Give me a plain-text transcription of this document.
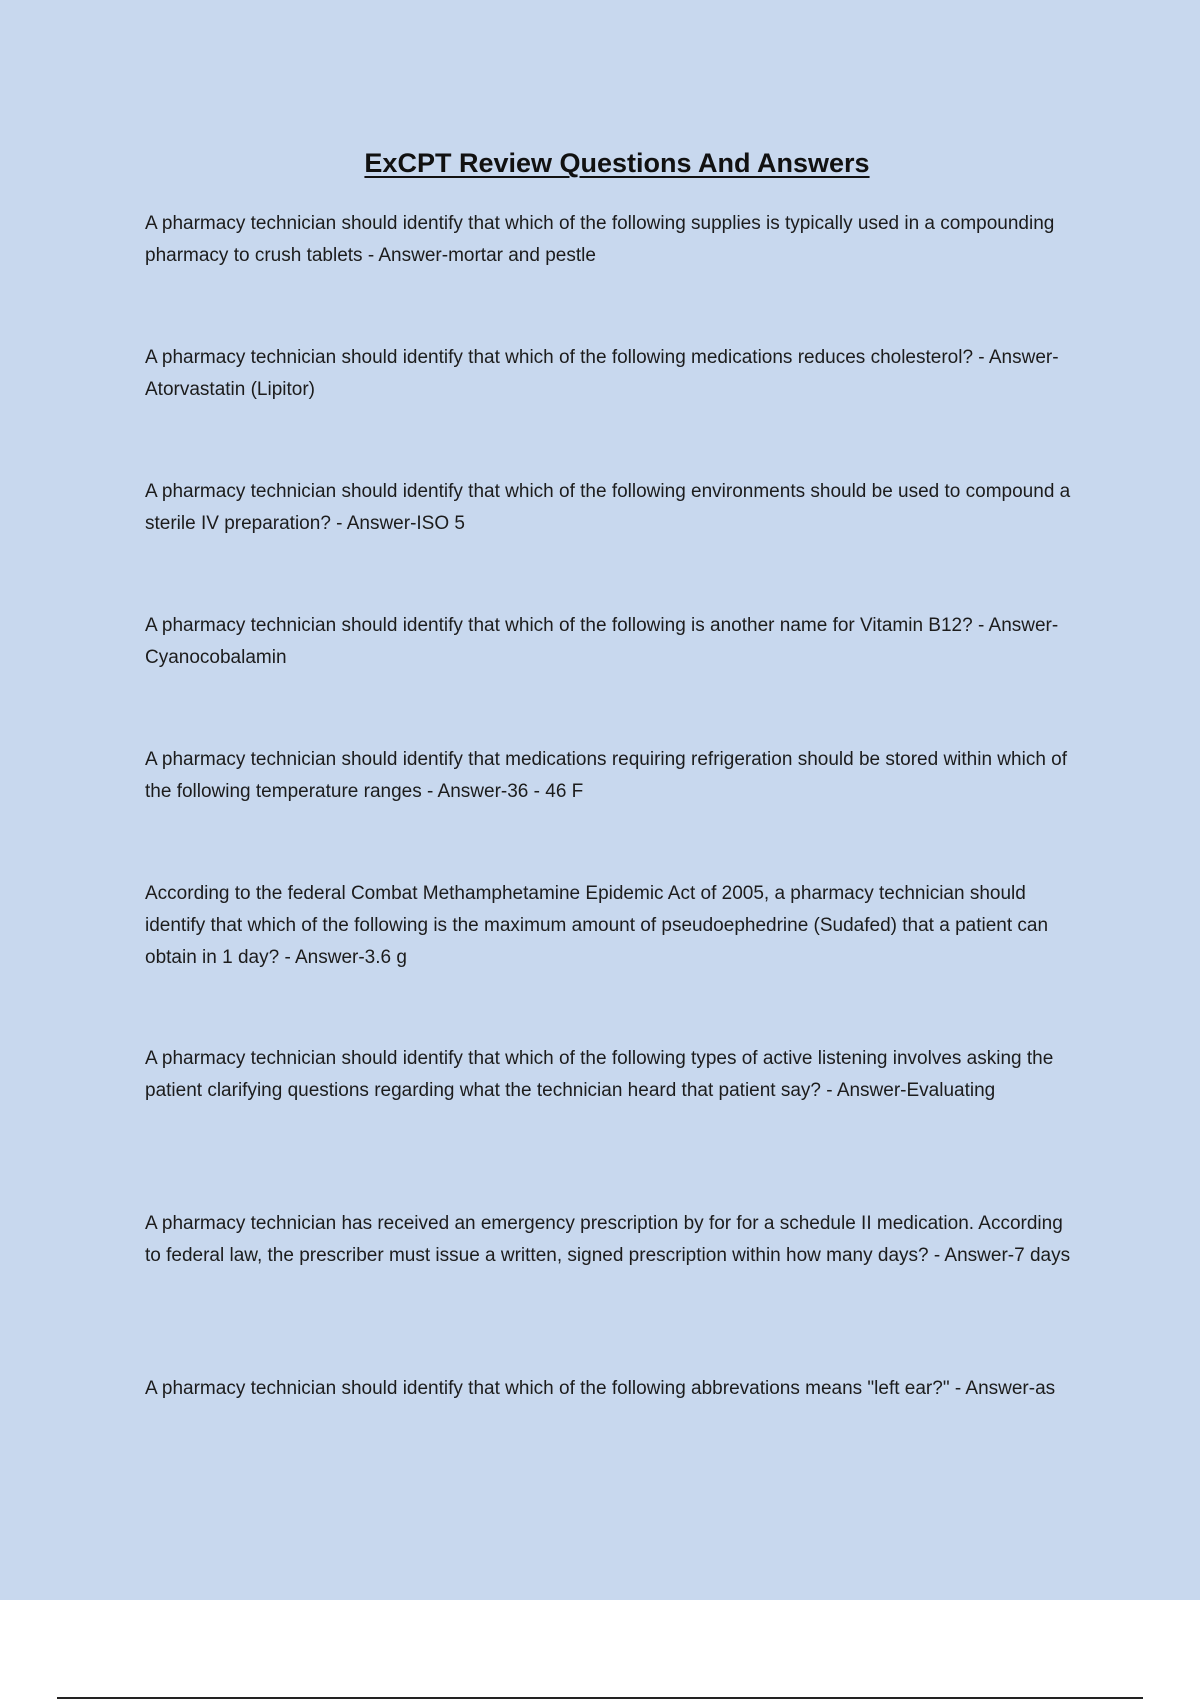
ExCPT Review Questions And Answers
A pharmacy technician should identify that which of the following supplies is typically used in a compounding pharmacy to crush tablets - Answer-mortar and pestle
A pharmacy technician should identify that which of the following medications reduces cholesterol? - Answer-Atorvastatin (Lipitor)
A pharmacy technician should identify that which of the following environments should be used to compound a sterile IV preparation? - Answer-ISO 5
A pharmacy technician should identify that which of the following is another name for Vitamin B12? - Answer-Cyanocobalamin
A pharmacy technician should identify that medications requiring refrigeration should be stored within which of the following temperature ranges - Answer-36 - 46 F
According to the federal Combat Methamphetamine Epidemic Act of 2005, a pharmacy technician should identify that which of the following is the maximum amount of pseudoephedrine (Sudafed) that a patient can obtain in 1 day? - Answer-3.6 g
A pharmacy technician should identify that which of the following types of active listening involves asking the patient clarifying questions regarding what the technician heard that patient say? - Answer-Evaluating
A pharmacy technician has received an emergency prescription by for for a schedule II medication. According to federal law, the prescriber must issue a written, signed prescription within how many days? - Answer-7 days
A pharmacy technician should identify that which of the following abbrevations means "left ear?" - Answer-as
